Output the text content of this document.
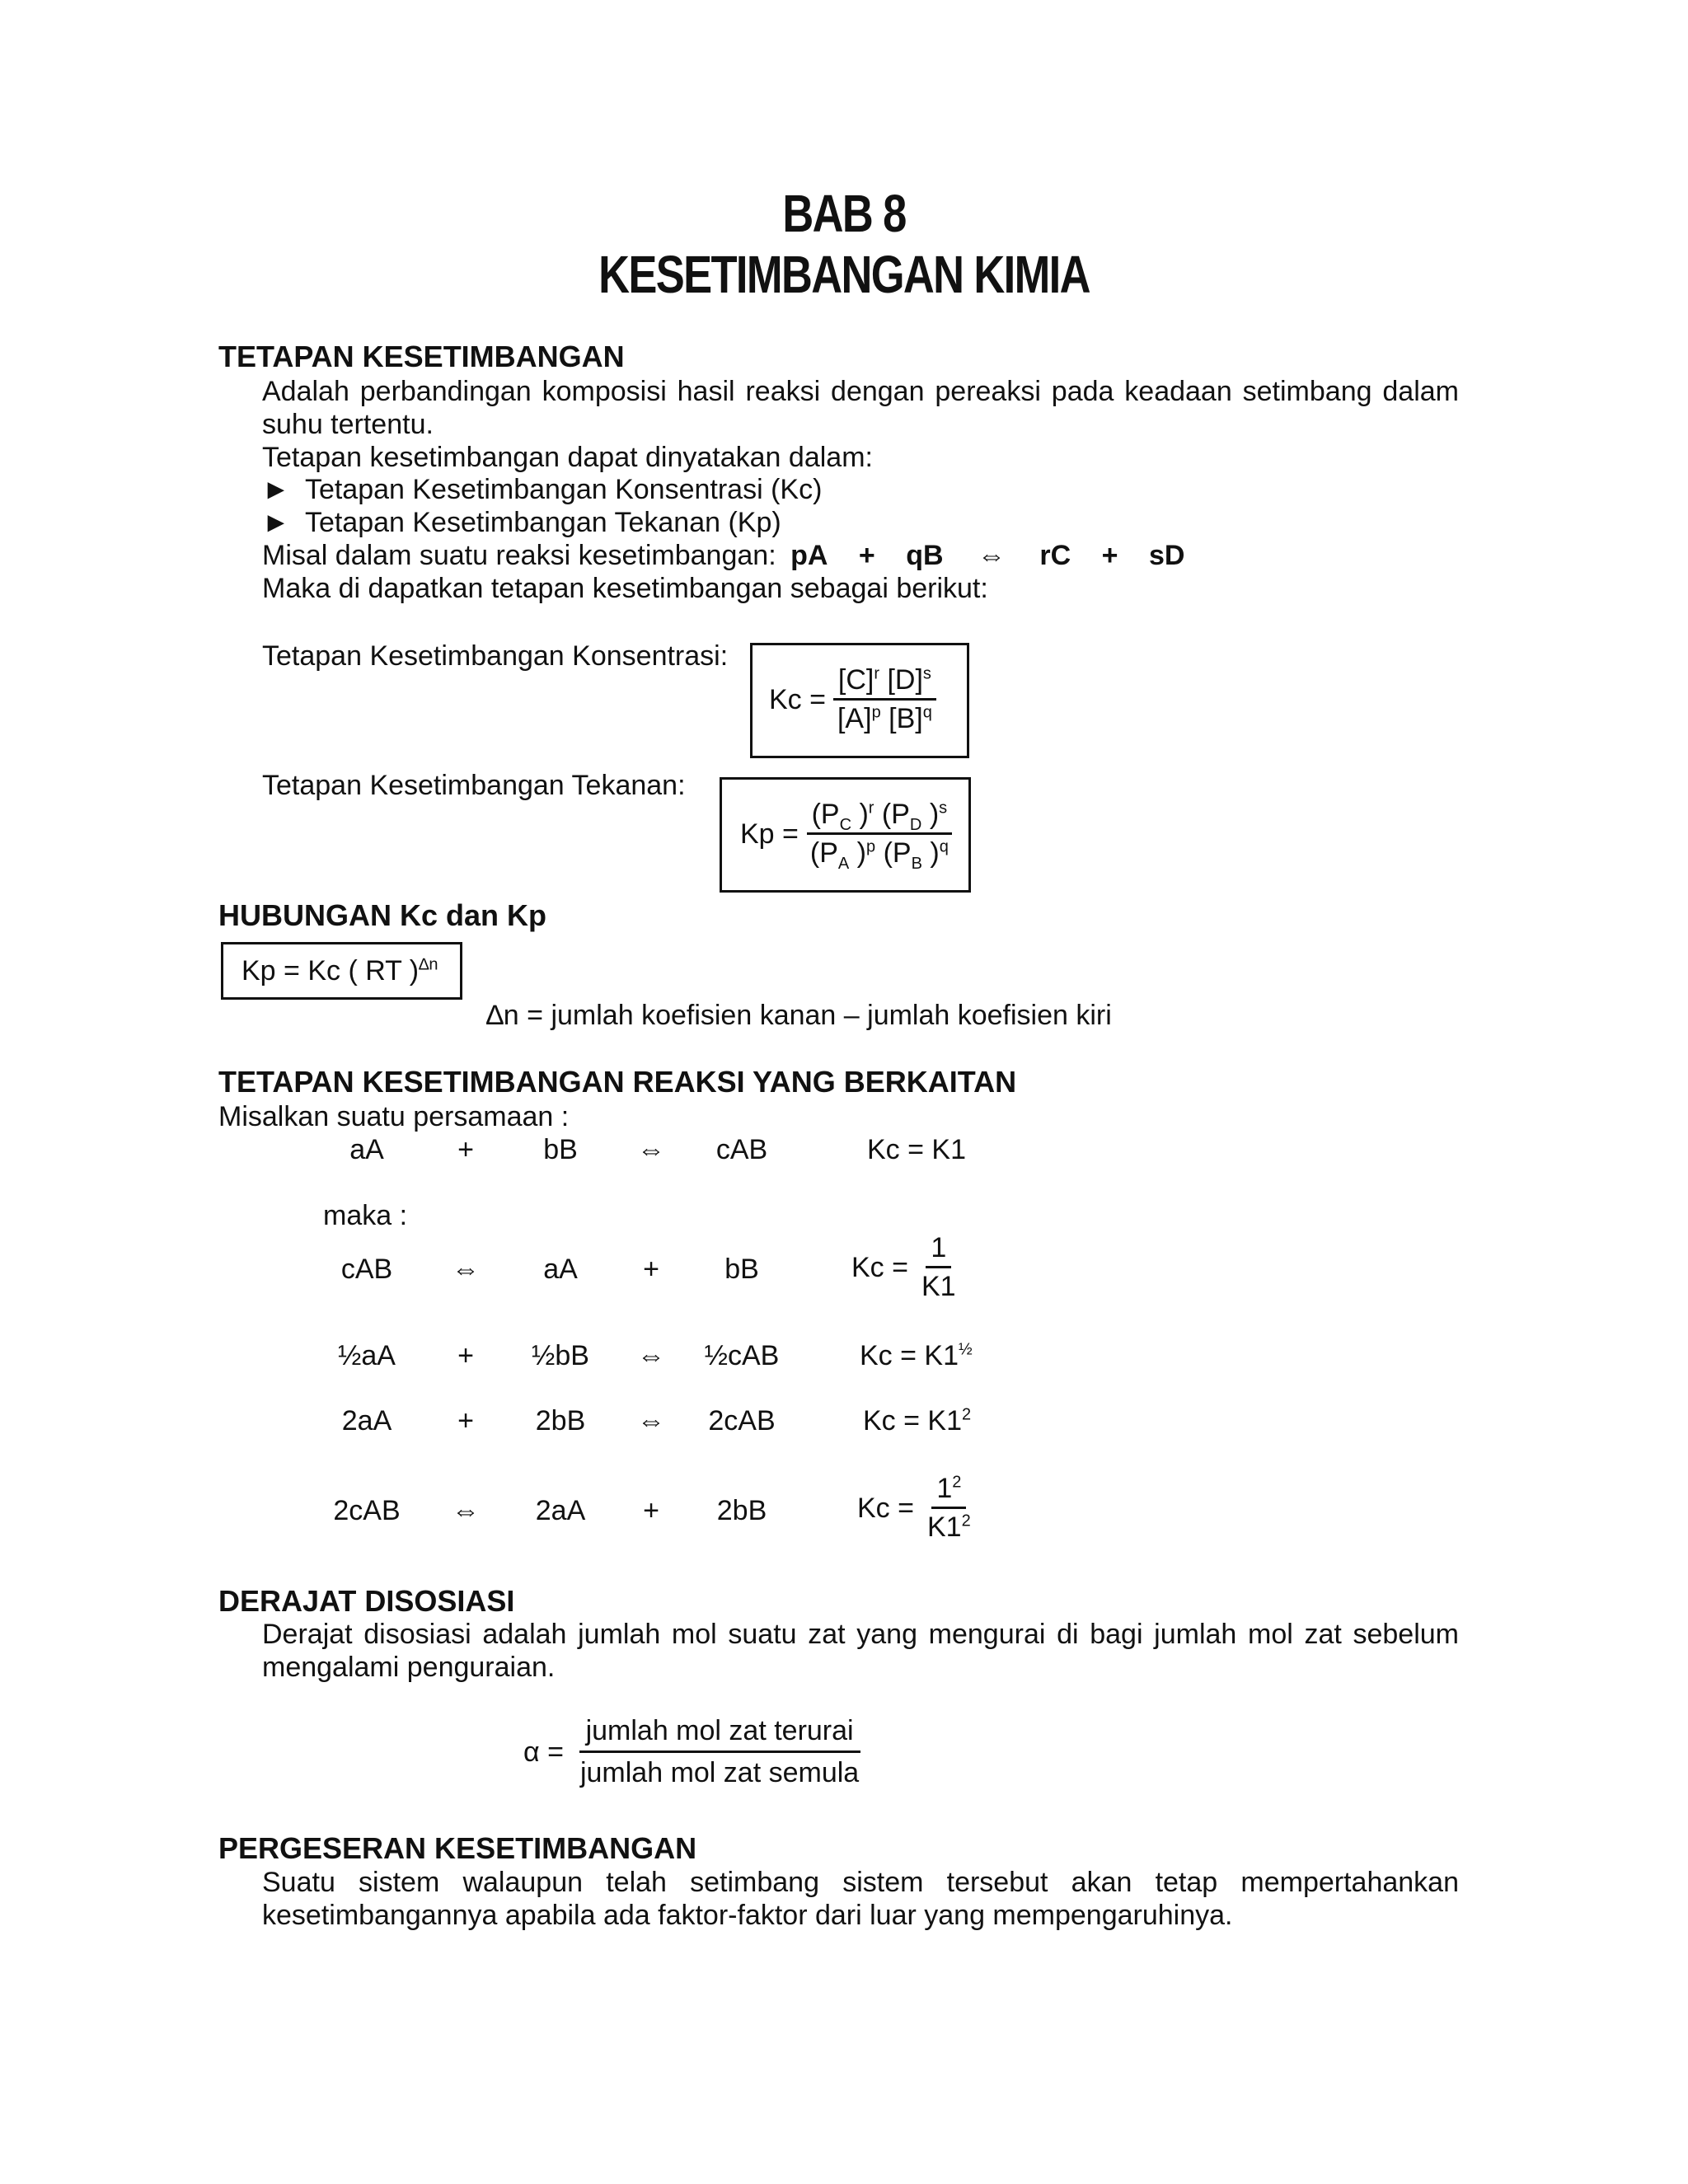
BAB 8
KESETIMBANGAN KIMIA
TETAPAN KESETIMBANGAN
Adalah perbandingan komposisi hasil reaksi dengan pereaksi pada keadaan setimbang dalam suhu tertentu.
Tetapan kesetimbangan dapat dinyatakan dalam:
► Tetapan Kesetimbangan Konsentrasi (Kc)
► Tetapan Kesetimbangan Tekanan (Kp)
Misal dalam suatu reaksi kesetimbangan: pA + qB ⇔ rC + sD
Maka di dapatkan tetapan kesetimbangan sebagai berikut:
Tetapan Kesetimbangan Konsentrasi:
$Kc = \frac{[C]^r [D]^s}{[A]^p [B]^q}$
Tetapan Kesetimbangan Tekanan:
$Kp = \frac{(P_C )^r (P_D )^s}{(P_A )^p (P_B )^q}$
HUBUNGAN Kc dan Kp
Kp = Kc ( RT )$^{\Delta n}$
∆n = jumlah koefisien kanan – jumlah koefisien kiri
TETAPAN KESETIMBANGAN REAKSI YANG BERKAITAN
Misalkan suatu persamaan :
aA	+	bB	⇔	cAB	Kc = K1
maka :
cAB	⇔	aA	+	bB	$Kc = \frac{1}{K1}$
½aA	+	½bB	⇔	½cAB	$Kc = K1^{\frac{1}{2}}$
2aA	+	2bB	⇔	2cAB	$Kc = K1^2$
2cAB	⇔	2aA	+	2bB	$Kc = \frac{1^2}{K1^2}$
DERAJAT DISOSIASI
Derajat disosiasi adalah jumlah mol suatu zat yang mengurai di bagi jumlah mol zat sebelum mengalami penguraian.
$\alpha = \frac{\text{jumlah mol zat terurai}}{\text{jumlah mol zat semula}}$
PERGESERAN KESETIMBANGAN
Suatu sistem walaupun telah setimbang sistem tersebut akan tetap mempertahankan kesetimbangannya apabila ada faktor-faktor dari luar yang mempengaruhinya.
